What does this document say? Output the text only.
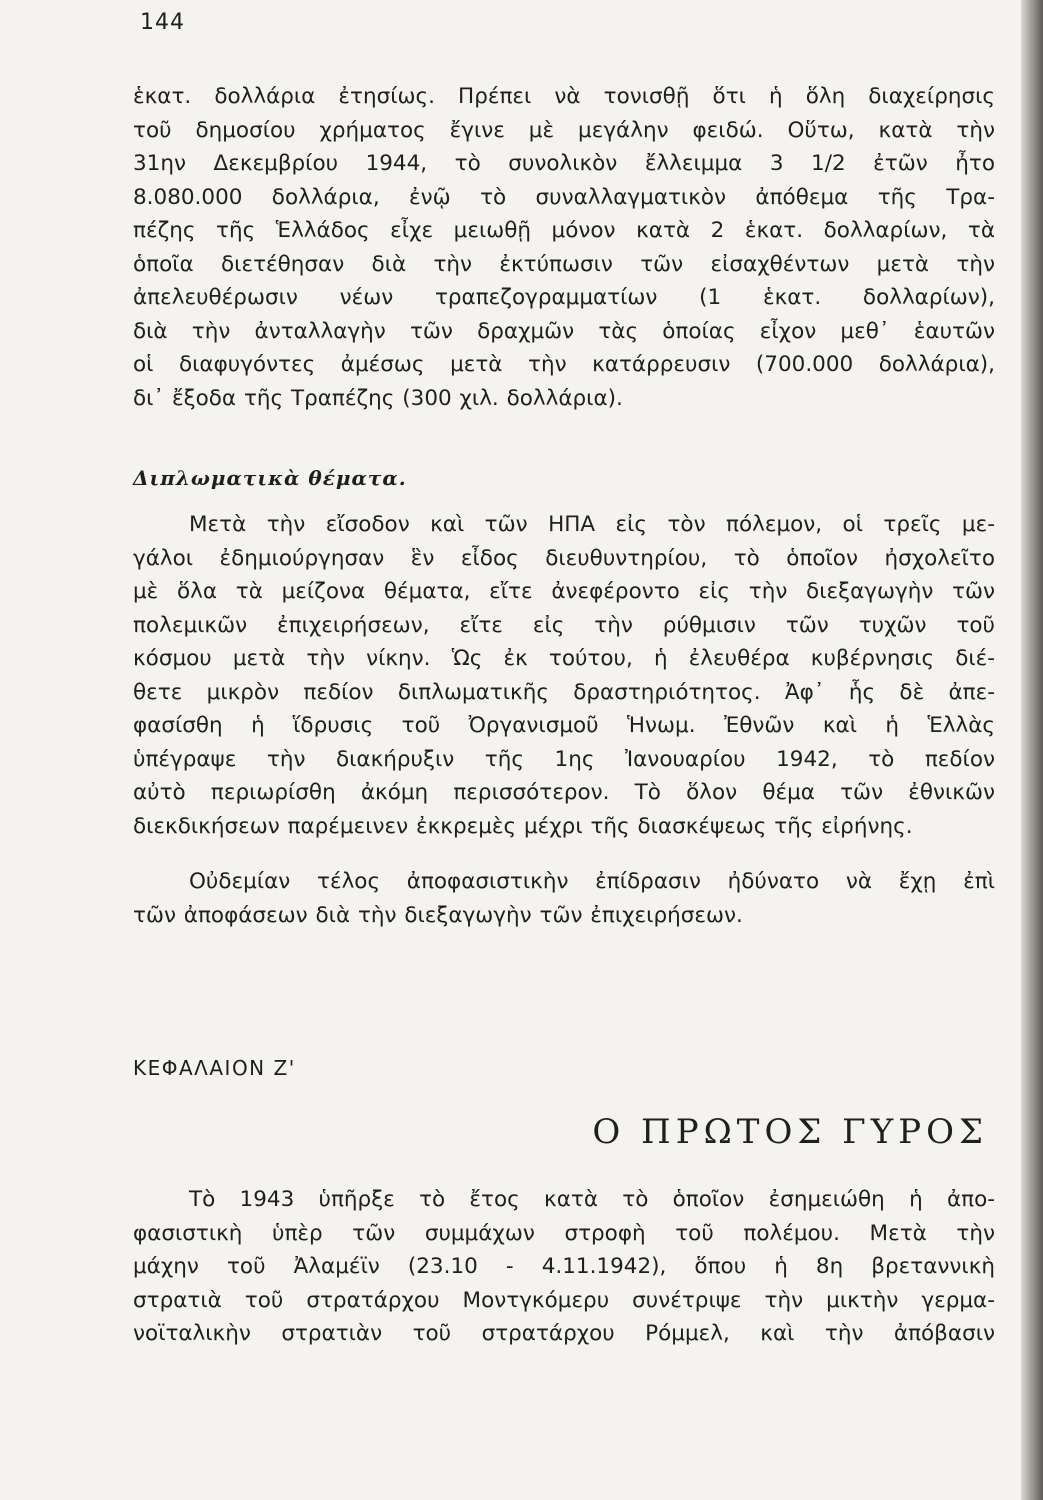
144

ἑκατ. δολλάρια ἐτησίως. Πρέπει νὰ τονισθῇ ὅτι ἡ ὅλη διαχείρησις

τοῦ δημοσίου χρήματος ἔγινε μὲ μεγάλην φειδώ. Οὕτω, κατὰ τὴν

31ην Δεκεμβρίου 1944, τὸ συνολικὸν ἔλλειμμα 3 1/2 ἐτῶν ἦτο

8.080.000 δολλάρια, ἐνῷ τὸ συναλλαγματικὸν ἀπόθεμα τῆς Τρα-

πέζης τῆς Ἑλλάδος εἶχε μειωθῇ μόνον κατὰ 2 ἑκατ. δολλαρίων, τὰ

ὁποῖα διετέθησαν διὰ τὴν ἐκτύπωσιν τῶν εἰσαχθέντων μετὰ τὴν

ἀπελευθέρωσιν νέων τραπεζογραμματίων (1 ἑκατ. δολλαρίων),

διὰ τὴν ἀνταλλαγὴν τῶν δραχμῶν τὰς ὁποίας εἶχον μεθ᾽ ἑαυτῶν

οἱ διαφυγόντες ἀμέσως μετὰ τὴν κατάρρευσιν (700.000 δολλάρια),

δι᾽ ἔξοδα τῆς Τραπέζης (300 χιλ. δολλάρια).

Διπλωματικὰ θέματα.

Μετὰ τὴν εἴσοδον καὶ τῶν ΗΠΑ εἰς τὸν πόλεμον, οἱ τρεῖς με-

γάλοι ἐδημιούργησαν ἓν εἶδος διευθυντηρίου, τὸ ὁποῖον ἠσχολεῖτο

μὲ ὅλα τὰ μείζονα θέματα, εἴτε ἀνεφέροντο εἰς τὴν διεξαγωγὴν τῶν

πολεμικῶν ἐπιχειρήσεων, εἴτε εἰς τὴν ρύθμισιν τῶν τυχῶν τοῦ

κόσμου μετὰ τὴν νίκην. Ὡς ἐκ τούτου, ἡ ἐλευθέρα κυβέρνησις διέ-

θετε μικρὸν πεδίον διπλωματικῆς δραστηριότητος. Ἀφ᾽ ἧς δὲ ἀπε-

φασίσθη ἡ ἵδρυσις τοῦ Ὀργανισμοῦ Ἡνωμ. Ἐθνῶν καὶ ἡ Ἑλλὰς

ὑπέγραψε τὴν διακήρυξιν τῆς 1ης Ἰανουαρίου 1942, τὸ πεδίον

αὐτὸ περιωρίσθη ἀκόμη περισσότερον. Τὸ ὅλον θέμα τῶν ἐθνικῶν

διεκδικήσεων παρέμεινεν ἐκκρεμὲς μέχρι τῆς διασκέψεως τῆς εἰρήνης.

Οὐδεμίαν τέλος ἀποφασιστικὴν ἐπίδρασιν ἠδύνατο νὰ ἔχῃ ἐπὶ

τῶν ἀποφάσεων διὰ τὴν διεξαγωγὴν τῶν ἐπιχειρήσεων.

ΚΕΦΑΛΑΙΟΝ Ζ'
Ο ΠΡΩΤΟΣ ΓΥΡΟΣ

Τὸ 1943 ὑπῆρξε τὸ ἔτος κατὰ τὸ ὁποῖον ἐσημειώθη ἡ ἀπο-

φασιστικὴ ὑπὲρ τῶν συμμάχων στροφὴ τοῦ πολέμου. Μετὰ τὴν

μάχην τοῦ Ἀλαμέϊν (23.10 - 4.11.1942), ὅπου ἡ 8η βρεταννικὴ

στρατιὰ τοῦ στρατάρχου Μοντγκόμερυ συνέτριψε τὴν μικτὴν γερμα-

νοϊταλικὴν στρατιὰν τοῦ στρατάρχου Ρόμμελ, καὶ τὴν ἀπόβασιν
